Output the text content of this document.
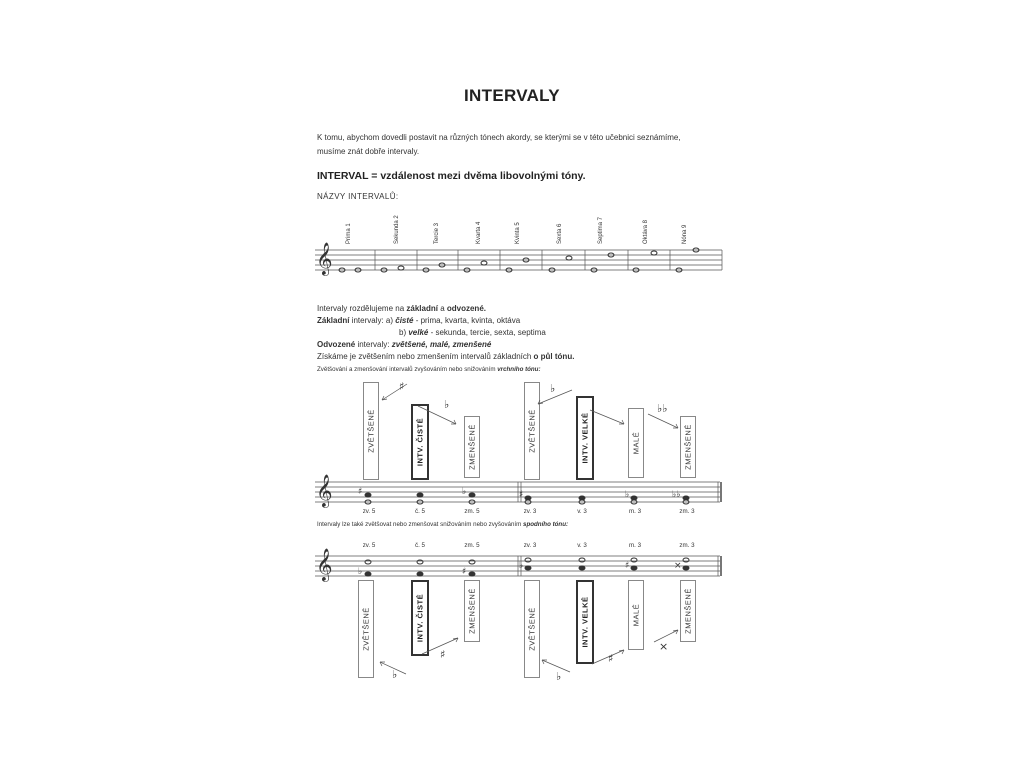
INTERVALY
K tomu, abychom dovedli postavit na různých tónech akordy, se kterými se v této učebnici seznámíme,
musíme znát dobře intervaly.
INTERVAL = vzdálenost mezi dvěma libovolnými tóny.
NÁZVY INTERVALŮ:
Prima 1	Sekunda 2	Tercie 3	Kvarta 4	Kvinta 5	Sexta 6	Septima 7	Oktáva 8	Nóna 9
𝄞
Intervaly rozdělujeme na základní a odvozené.
Základní intervaly: a) čisté - prima, kvarta, kvinta, oktáva
b) velké - sekunda, tercie, sexta, septima
Odvozené intervaly: zvětšené, malé, zmenšené
Získáme je zvětšením nebo zmenšením intervalů základních o půl tónu.
Zvětšování a zmenšování intervalů zvyšováním nebo snižováním vrchního tónu:
ZVĚTŠENÉ	INTV. ČISTÉ	ZMENŠENÉ	ZVĚTŠENÉ	INTV. VELKÉ	MALÉ	ZMENŠENÉ
♯
♭
♭
♭♭
𝄞	♯	♭	♯	♭	♭♭
zv. 5	č. 5	zm. 5	zv. 3	v. 3	m. 3	zm. 3
Intervaly lze také zvětšovat nebo zmenšovat snižováním nebo zvyšováním spodního tónu:
zv. 5	č. 5	zm. 5	zv. 3	v. 3	m. 3	zm. 3
𝄞	♭	♯
♭	♯	×
ZVĚTŠENÉ	INTV. ČISTÉ	ZMENŠENÉ	ZVĚTŠENÉ	INTV. VELKÉ	MALÉ	ZMENŠENÉ
♭
♯
♭
♯
×
